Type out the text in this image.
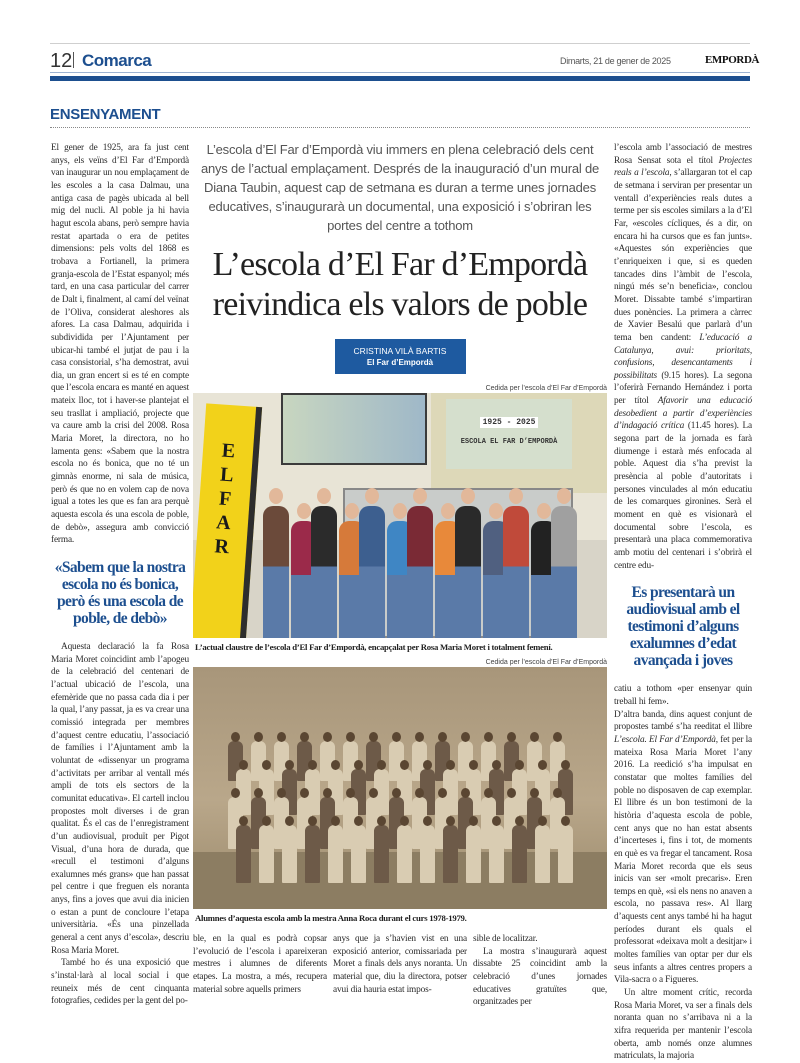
12 Comarca	Dimarts, 21 de gener de 2025	EMPORDÀ
ENSENYAMENT

El gener de 1925, ara fa just cent anys, els veïns d’El Far d’Empordà van inaugurar un nou emplaçament de les escoles a la casa Dalmau, una antiga casa de pagès ubicada al bell mig del nucli. Al poble ja hi havia hagut escola abans, però sempre havia restat apartada o era de petites dimensions: pels volts del 1868 es trobava a Fortianell, la primera granja-escola de l’Estat espanyol; més tard, en una casa particular del carrer de Dalt i, finalment, al camí del veïnat de l’Oliva, considerat aleshores als afores. La casa Dalmau, adquirida i subdividida per l’Ajuntament per ubicar-hi també el jutjat de pau i la casa consistorial, s’ha demostrat, avui dia, un gran encert si es té en compte que l’escola encara es manté en aquest mateix lloc, tot i haver-se plantejat el seu trasllat i ampliació, projecte que va caure amb la crisi del 2008. Rosa Maria Moret, la directora, no ho lamenta gens: «Sabem que la nostra escola no és bonica, que no té un gimnàs enorme, ni sala de música, però és que no en volem cap de nova igual a totes les que es fan ara perquè aquesta escola és una escola de poble, de debò», assegura amb convicció ferma.

«Sabem que la nostra escola no és bonica, però és una escola de poble, de debò»

Aquesta declaració la fa Rosa Maria Moret coincidint amb l’apogeu de la celebració del centenari de l’actual ubicació de l’escola, una efemèride que no passa cada dia i per la qual, l’any passat, ja es va crear una comissió integrada per membres d’aquest centre educatiu, l’associació de famílies i l’Ajuntament amb la voluntat de «dissenyar un programa d’activitats per arribar al ventall més ampli de tots els sectors de la comunitat educativa». El cartell inclou propostes molt diverses i de gran qualitat. És el cas de l’enregistrament d’un audiovisual, produït per Pigot Visual, d’una hora de durada, que «recull el testimoni d’alguns exalumnes més grans» que han passat pel centre i que freguen els noranta anys, fins a joves que avui dia inicien o estan a punt de concloure l’etapa universitària. «És una pinzellada general a cent anys d’escola», descriu Rosa Maria Moret.

També ho és una exposició que s’instal·larà al local social i que reuneix més de cent cinquanta fotografies, cedides per la gent del po-

L’escola d’El Far d’Empordà viu immers en plena celebració dels cent anys de l’actual emplaçament. Després de la inauguració d’un mural de Diana Taubin, aquest cap de setmana es duran a terme unes jornades educatives, s’inaugurarà un documental, una exposició i s’obriran les portes del centre a tothom
L’escola d’El Far d’Empordà reivindica els valors de poble
CRISTINA VILÀ BARTIS
El Far d’Empordà
Cedida per l’escola d’El Far d’Empordà
1925 - 2025
ESCOLA EL FAR D’EMPORDÀ
ELFAR
L’actual claustre de l’escola d’El Far d’Empordà, encapçalat per Rosa Maria Moret i totalment femení.
Cedida per l’escola d’El Far d’Empordà
Alumnes d’aquesta escola amb la mestra Anna Roca durant el curs 1978-1979.

ble, en la qual es podrà copsar l’evolució de l’escola i apareixeran mestres i alumnes de diferents etapes. La mostra, a més, recupera material sobre aquells primers

anys que ja s’havien vist en una exposició anterior, comissariada per Moret a finals dels anys noranta. Un material que, diu la directora, potser avui dia hauria estat impos-

sible de localitzar.

La mostra s’inaugurarà aquest dissabte 25 coincidint amb la celebració d’unes jornades educatives gratuïtes que, organitzades per

l’escola amb l’associació de mestres Rosa Sensat sota el títol Projectes reals a l’escola, s’allargaran tot el cap de setmana i serviran per presentar un ventall d’experiències reals dutes a terme per sis escoles similars a la d’El Far, «escoles cícliques, és a dir, on encara hi ha cursos que es fan junts». «Aquestes són experiències que t’enriqueixen i que, si es queden tancades dins l’àmbit de l’escola, ningú més se’n beneficia», conclou Moret. Dissabte també s’impartiran dues ponències. La primera a càrrec de Xavier Besalú que parlarà d’un tema ben candent: L’educació a Catalunya, avui: prioritats, confusions, desencantaments i possibilitats (9.15 hores). La segona l’oferirà Fernando Hernández i porta per títol Afavorir una educació desobedient a partir d’experiències d’indagació crítica (11.45 hores). La segona part de la jornada es farà diumenge i estarà més enfocada al poble. Aquest dia s’ha previst la presència al poble d’autoritats i persones vinculades al món educatiu de les comarques gironines. Serà el moment en què es visionarà el documental sobre l’escola, es presentarà una placa commemorativa amb motiu del centenari i s’obrirà el centre edu-

Es presentarà un audiovisual amb el testimoni d’alguns exalumnes d’edat avançada i joves

catiu a tothom «per ensenyar quin treball hi fem».

D’altra banda, dins aquest conjunt de propostes també s’ha reeditat el llibre L’escola. El Far d’Empordà, fet per la mateixa Rosa Maria Moret l’any 2016. La reedició s’ha impulsat en constatar que moltes famílies del poble no disposaven de cap exemplar. El llibre és un bon testimoni de la història d’aquesta escola de poble, cent anys que no han estat absents d’incerteses i, fins i tot, de moments en què es va fregar el tancament. Rosa Maria Moret recorda que els seus inicis van ser «molt precaris». Eren temps en què, «si els nens no anaven a escola, no passava res». Al llarg d’aquests cent anys també hi ha hagut períodes durant els quals el professorat «deixava molt a desitjar» i moltes famílies van optar per dur els seus infants a altres centres propers a Vila-sacra o a Figueres.

Un altre moment crític, recorda Rosa Maria Moret, va ser a finals dels noranta quan no s’arribava ni a la xifra requerida per mantenir l’escola oberta, amb només onze alumnes matriculats, la majoria
